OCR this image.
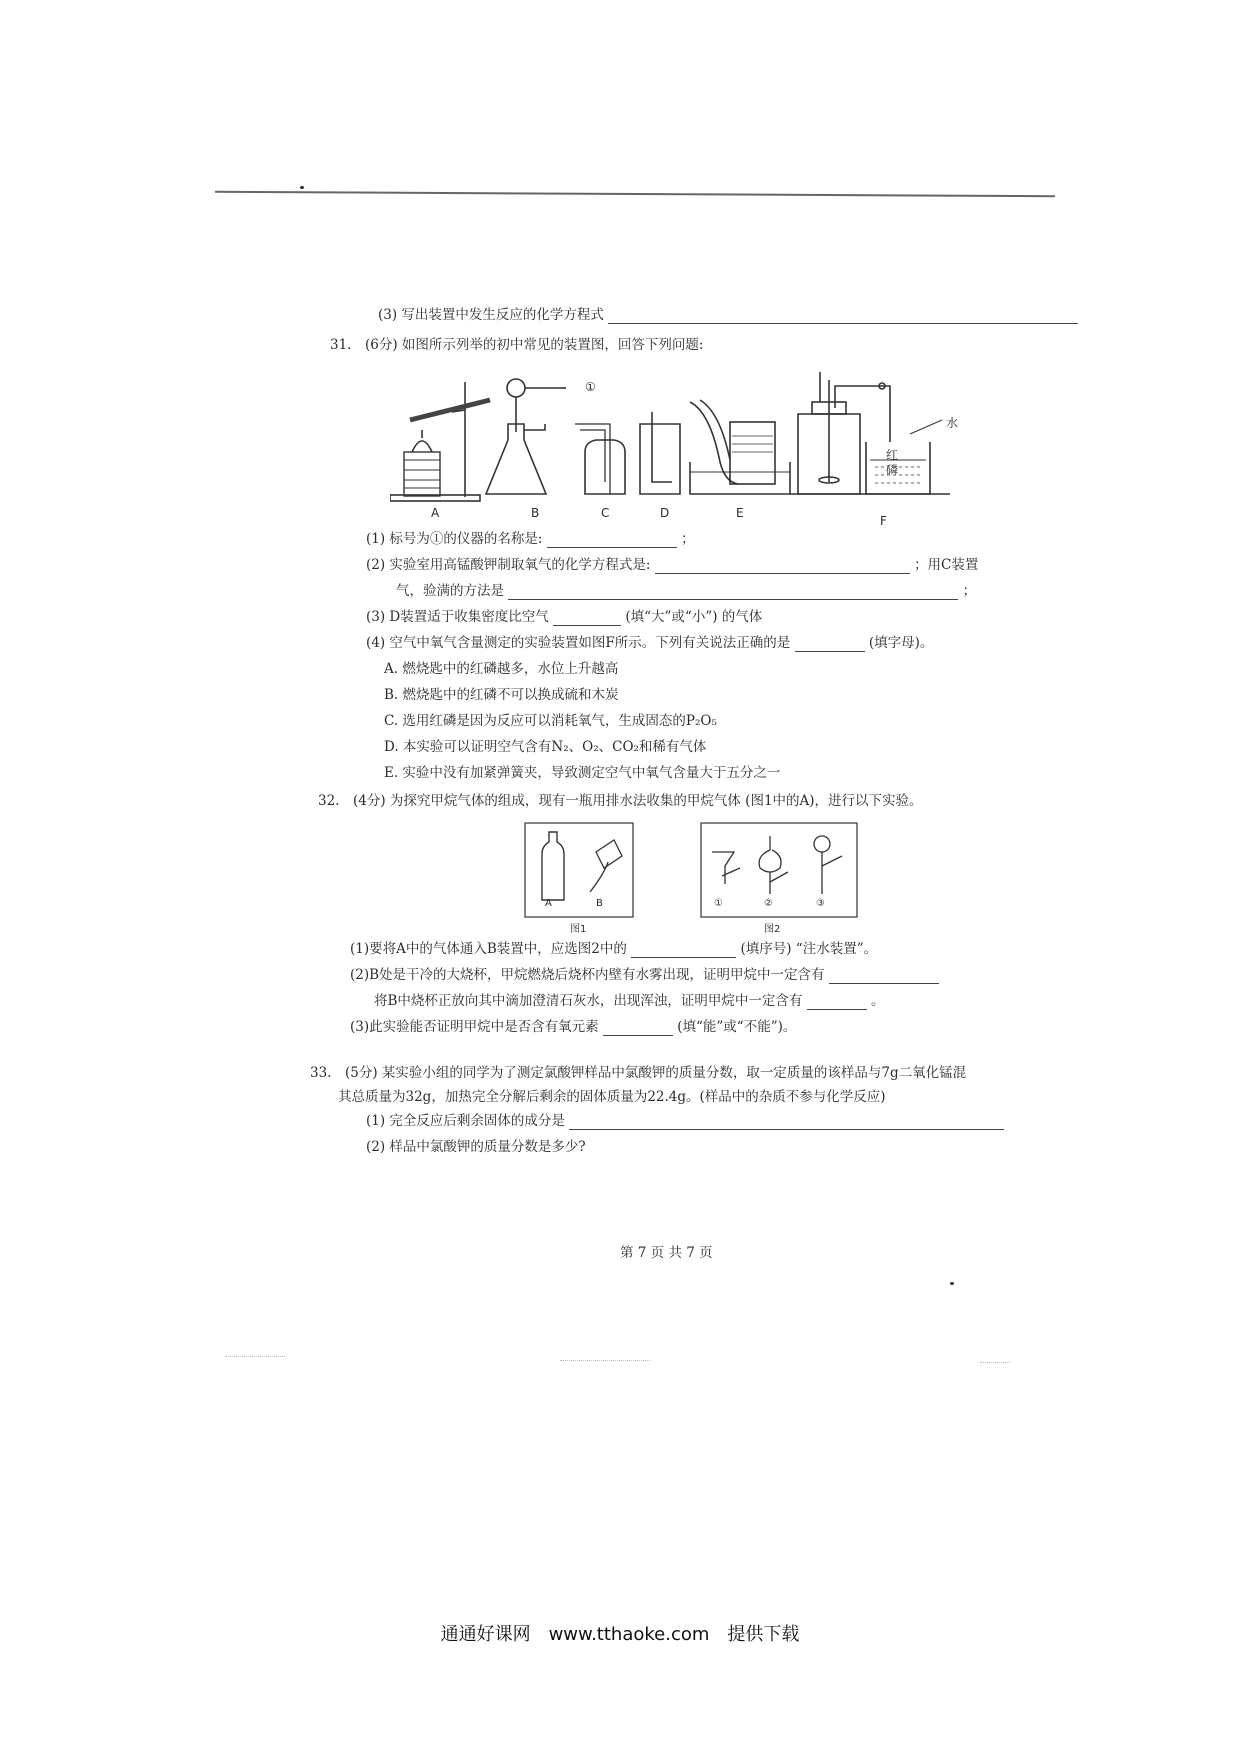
(3) 写出装置中发生反应的化学方程式
31.　(6分) 如图所示列举的初中常见的装置图，回答下列问题:
①
红磷
水
A	B	C	D	E
F
(1) 标号为①的仪器的名称是:	；
(2) 实验室用高锰酸钾制取氧气的化学方程式是:	；用C装置
气，验满的方法是	；
(3) D装置适于收集密度比空气	(填“大”或“小”) 的气体
(4) 空气中氧气含量测定的实验装置如图F所示。下列有关说法正确的是	(填字母)。
A. 燃烧匙中的红磷越多，水位上升越高
B. 燃烧匙中的红磷不可以换成硫和木炭
C. 选用红磷是因为反应可以消耗氧气，生成固态的P₂O₅
D. 本实验可以证明空气含有N₂、O₂、CO₂和稀有气体
E. 实验中没有加紧弹簧夹，导致测定空气中氧气含量大于五分之一
32.　(4分) 为探究甲烷气体的组成，现有一瓶用排水法收集的甲烷气体 (图1中的A)，进行以下实验。
A	B
图1
①	②	③
图2
(1)要将A中的气体通入B装置中，应选图2中的	(填序号) “注水装置”。
(2)B处是干冷的大烧杯，甲烷燃烧后烧杯内壁有水雾出现，证明甲烷中一定含有
将B中烧杯正放向其中滴加澄清石灰水，出现浑浊，证明甲烷中一定含有	。
(3)此实验能否证明甲烷中是否含有氧元素	(填“能”或“不能”)。
33.　(5分) 某实验小组的同学为了测定氯酸钾样品中氯酸钾的质量分数，取一定质量的该样品与7g二氧化锰混
其总质量为32g，加热完全分解后剩余的固体质量为22.4g。(样品中的杂质不参与化学反应)
(1) 完全反应后剩余固体的成分是
(2) 样品中氯酸钾的质量分数是多少?
第 7 页 共 7 页
通通好课网　www.tthaoke.com　提供下载
